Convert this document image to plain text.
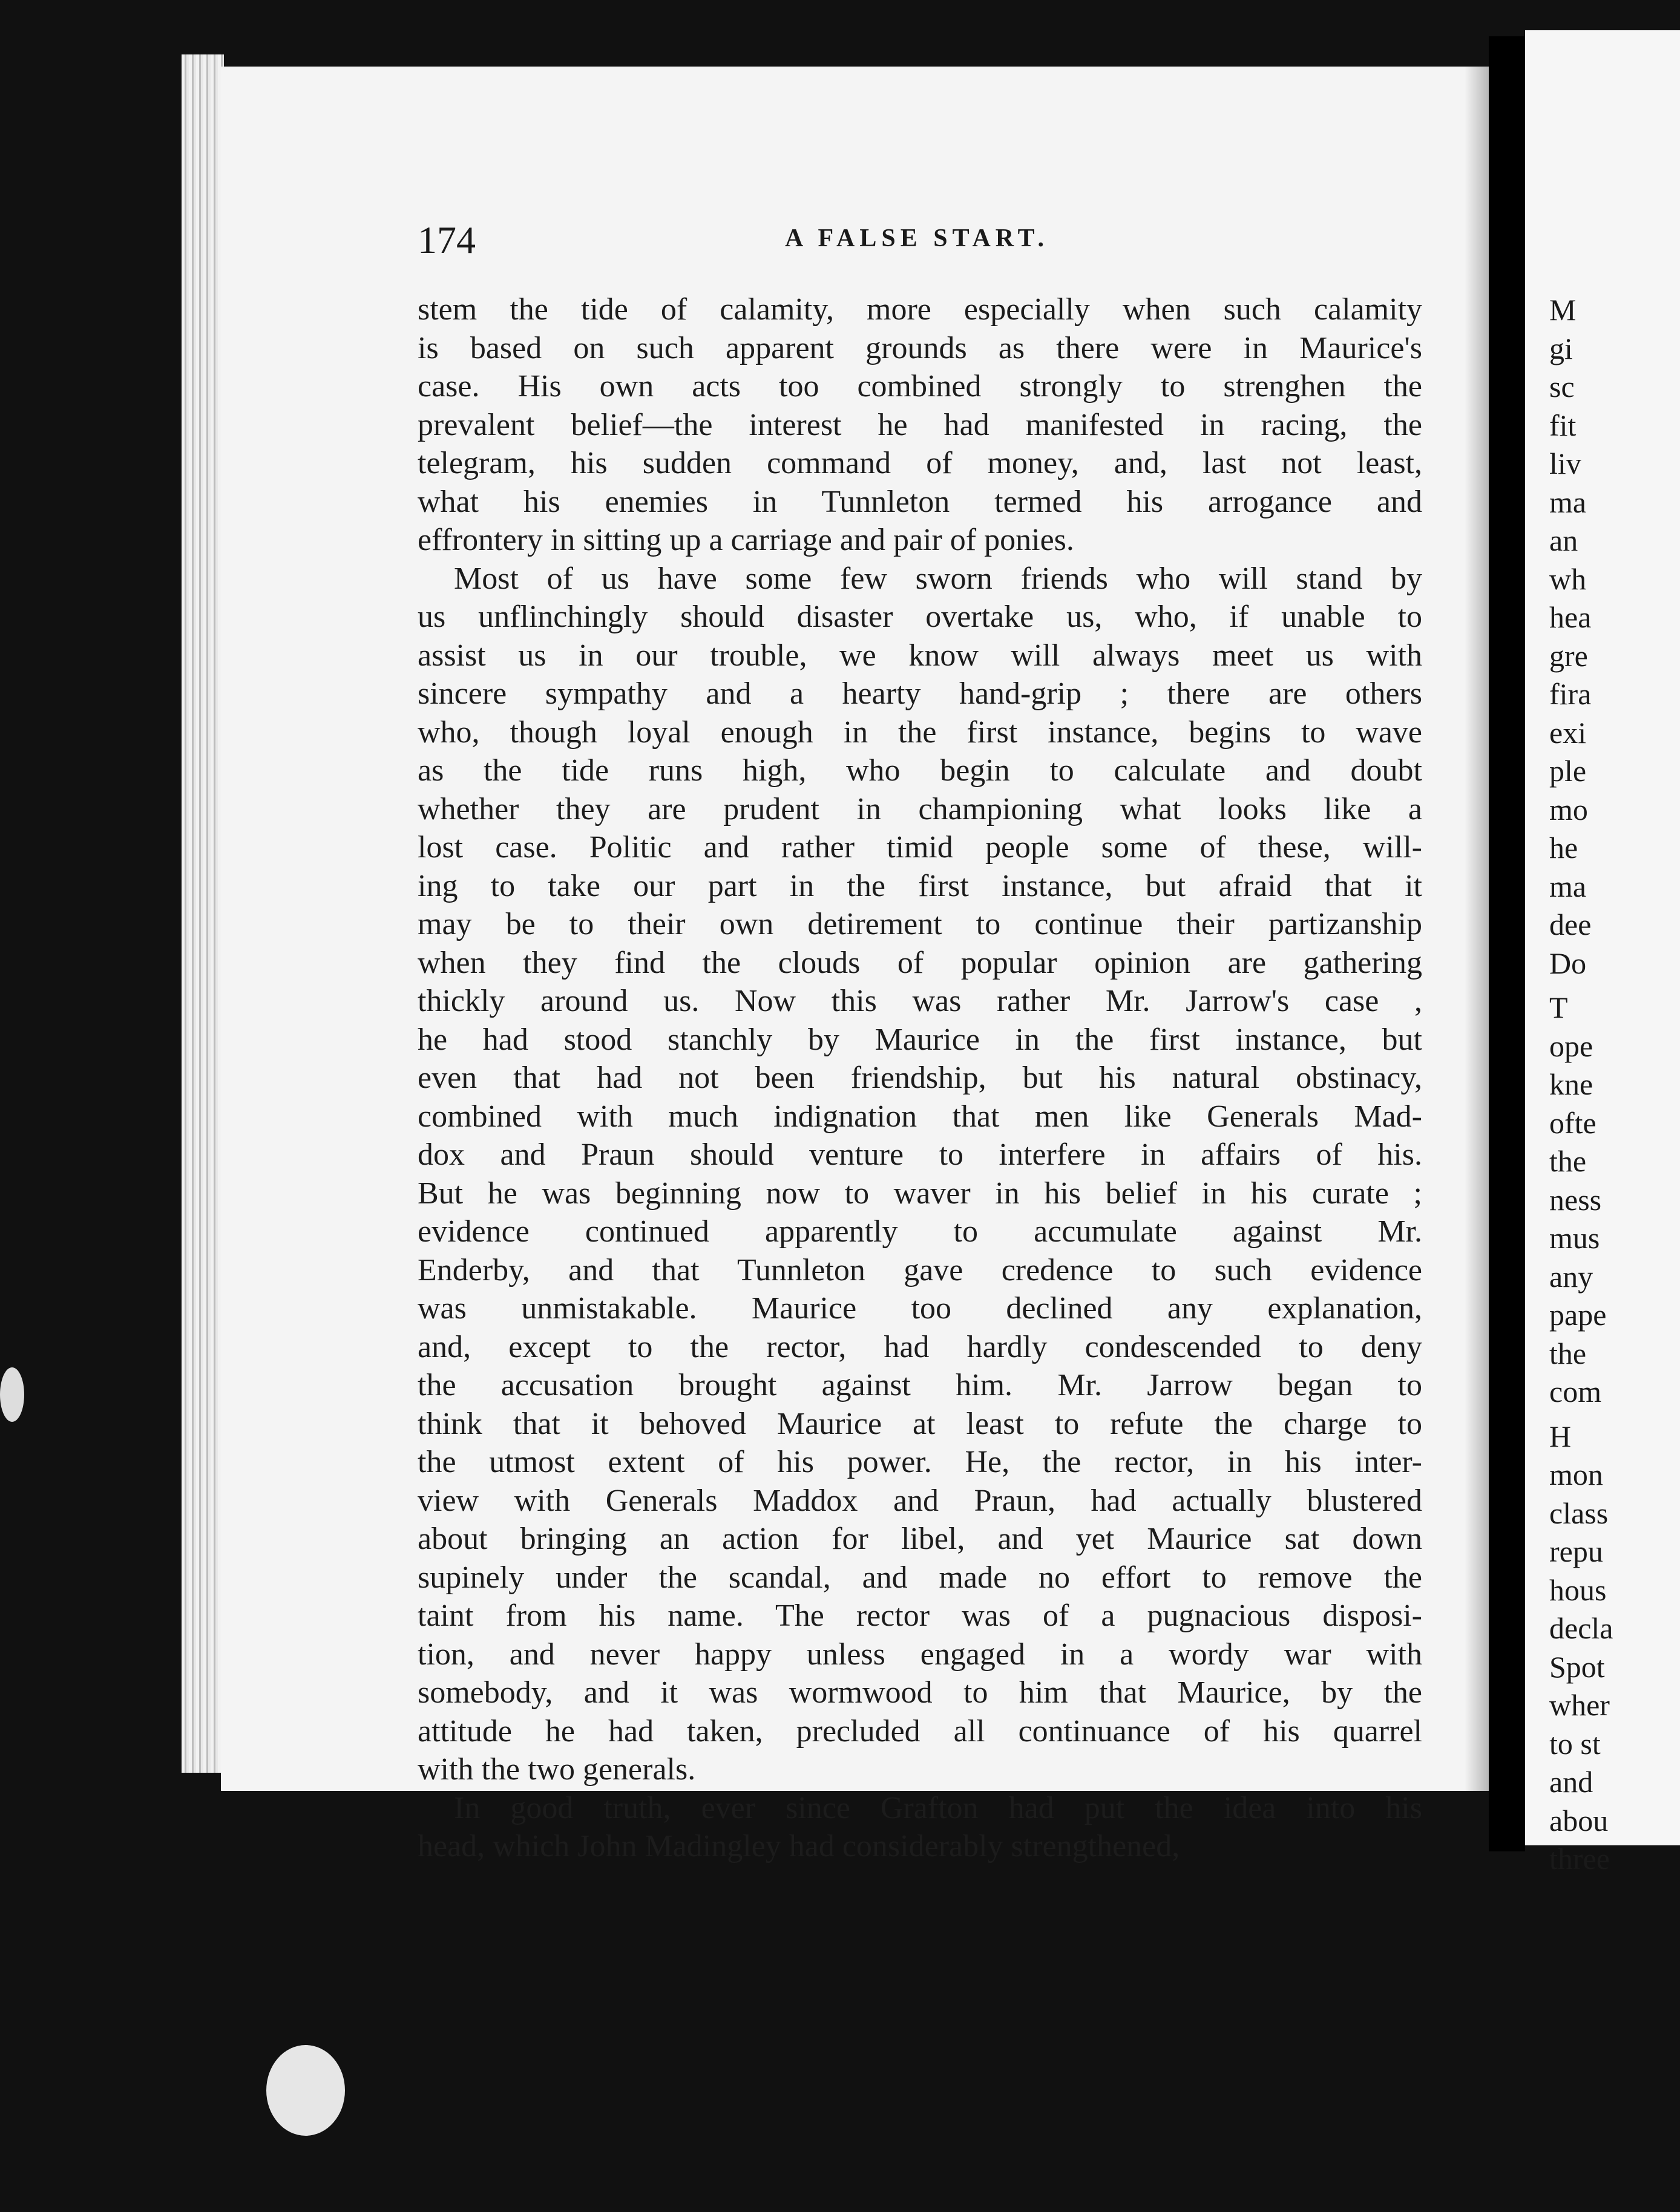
M
gi
sc
fit
liv
ma
an
wh
hea
gre
fira
exi
ple
mo
he
ma
dee
Do
T
ope
kne
ofte
the
ness
mus
any
pape
the
com
H
mon
class
repu
hous
decla
Spot
wher
to st
and
abou
three
174	A FALSE START.

stem the tide of calamity, more especially when such calamity
is based on such apparent grounds as there were in Maurice's
case. His own acts too combined strongly to strenghen the
prevalent belief—the interest he had manifested in racing, the
telegram, his sudden command of money, and, last not least,
what his enemies in Tunnleton termed his arrogance and
effrontery in sitting up a carriage and pair of ponies.

Most of us have some few sworn friends who will stand by
us unflinchingly should disaster overtake us, who, if unable to
assist us in our trouble, we know will always meet us with
sincere sympathy and a hearty hand-grip ; there are others
who, though loyal enough in the first instance, begins to wave
as the tide runs high, who begin to calculate and doubt
whether they are prudent in championing what looks like a
lost case. Politic and rather timid people some of these, will-
ing to take our part in the first instance, but afraid that it
may be to their own detirement to continue their partizanship
when they find the clouds of popular opinion are gathering
thickly around us. Now this was rather Mr. Jarrow's case ,
he had stood stanchly by Maurice in the first instance, but
even that had not been friendship, but his natural obstinacy,
combined with much indignation that men like Generals Mad-
dox and Praun should venture to interfere in affairs of his.
But he was beginning now to waver in his belief in his curate ;
evidence continued apparently to accumulate against Mr.
Enderby, and that Tunnleton gave credence to such evidence
was unmistakable. Maurice too declined any explanation,
and, except to the rector, had hardly condescended to deny
the accusation brought against him. Mr. Jarrow began to
think that it behoved Maurice at least to refute the charge to
the utmost extent of his power. He, the rector, in his inter-
view with Generals Maddox and Praun, had actually blustered
about bringing an action for libel, and yet Maurice sat down
supinely under the scandal, and made no effort to remove the
taint from his name. The rector was of a pugnacious disposi-
tion, and never happy unless engaged in a wordy war with
somebody, and it was wormwood to him that Maurice, by the
attitude he had taken, precluded all continuance of his quarrel
with the two generals.

In good truth, ever since Grafton had put the idea into his
head, which John Madingley had considerably strengthened,
